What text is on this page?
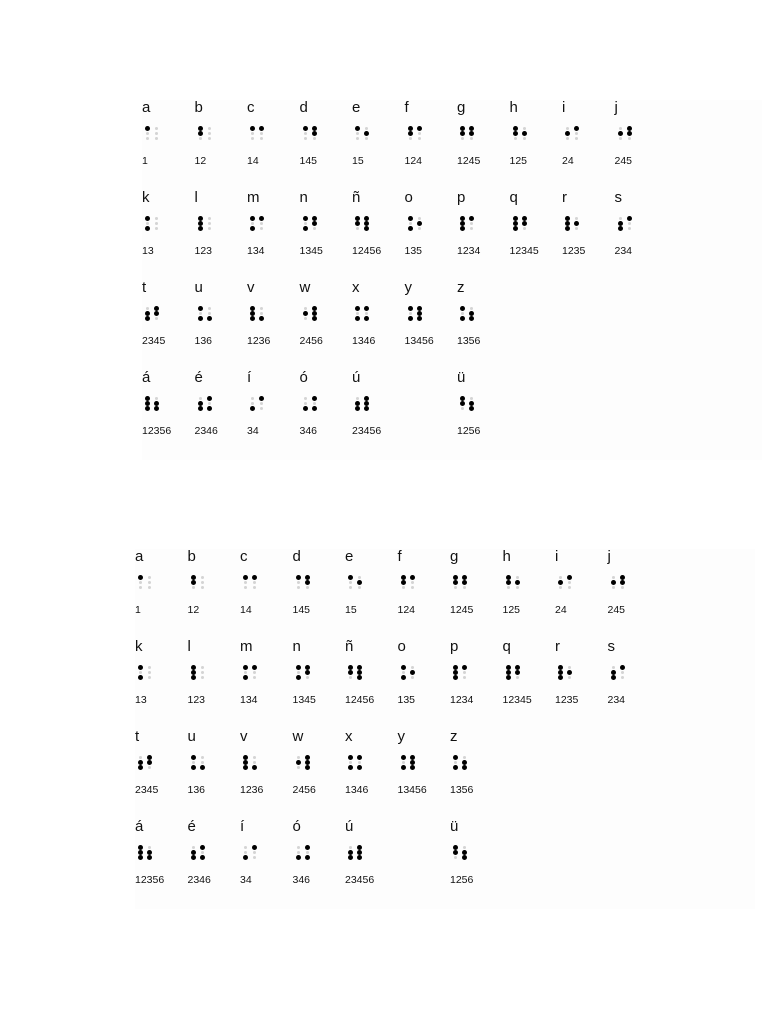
a
1
b
12
c
14
d
145
e
15
f
124
g
1245
h
125
i
24
j
245
k
13
l
123
m
134
n
1345
ñ
12456
o
135
p
1234
q
12345
r
1235
s
234
t
2345
u
136
v
1236
w
2456
x
1346
y
13456
z
1356
á
12356
é
2346
í
34
ó
346
ú
23456
ü
1256
a
1
b
12
c
14
d
145
e
15
f
124
g
1245
h
125
i
24
j
245
k
13
l
123
m
134
n
1345
ñ
12456
o
135
p
1234
q
12345
r
1235
s
234
t
2345
u
136
v
1236
w
2456
x
1346
y
13456
z
1356
á
12356
é
2346
í
34
ó
346
ú
23456
ü
1256
